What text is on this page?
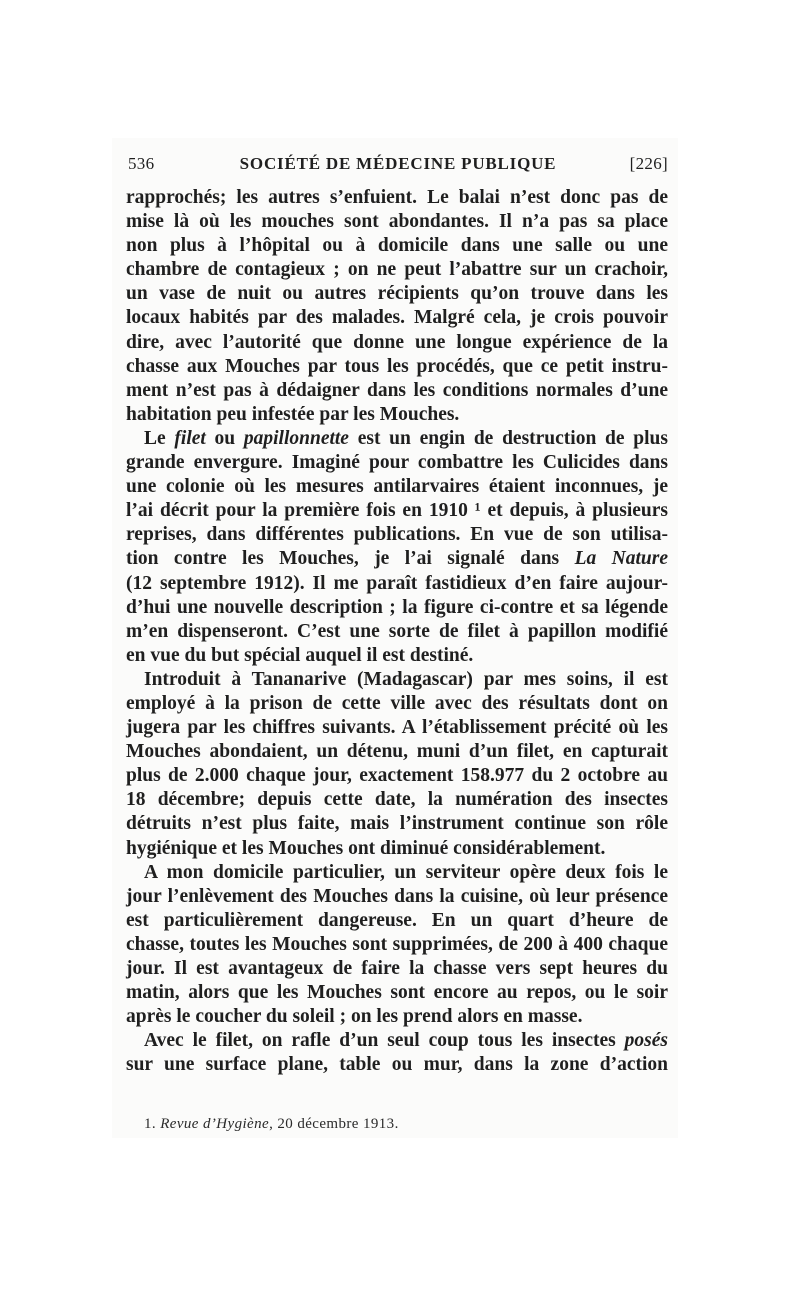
536	SOCIÉTÉ DE MÉDECINE PUBLIQUE	[226]
rapprochés; les autres s’enfuient. Le balai n’est donc pas de
mise là où les mouches sont abondantes. Il n’a pas sa place
non plus à l’hôpital ou à domicile dans une salle ou une
chambre de contagieux ; on ne peut l’abattre sur un crachoir,
un vase de nuit ou autres récipients qu’on trouve dans les
locaux habités par des malades. Malgré cela, je crois pouvoir
dire, avec l’autorité que donne une longue expérience de la
chasse aux Mouches par tous les procédés, que ce petit instru-
ment n’est pas à dédaigner dans les conditions normales d’une
habitation peu infestée par les Mouches.
Le filet ou papillonnette est un engin de destruction de plus
grande envergure. Imaginé pour combattre les Culicides dans
une colonie où les mesures antilarvaires étaient inconnues, je
l’ai décrit pour la première fois en 1910 ¹ et depuis, à plusieurs
reprises, dans différentes publications. En vue de son utilisa-
tion contre les Mouches, je l’ai signalé dans La Nature
(12 septembre 1912). Il me paraît fastidieux d’en faire aujour-
d’hui une nouvelle description ; la figure ci-contre et sa légende
m’en dispenseront. C’est une sorte de filet à papillon modifié
en vue du but spécial auquel il est destiné.
Introduit à Tananarive (Madagascar) par mes soins, il est
employé à la prison de cette ville avec des résultats dont on
jugera par les chiffres suivants. A l’établissement précité où les
Mouches abondaient, un détenu, muni d’un filet, en capturait
plus de 2.000 chaque jour, exactement 158.977 du 2 octobre au
18 décembre; depuis cette date, la numération des insectes
détruits n’est plus faite, mais l’instrument continue son rôle
hygiénique et les Mouches ont diminué considérablement.
A mon domicile particulier, un serviteur opère deux fois le
jour l’enlèvement des Mouches dans la cuisine, où leur présence
est particulièrement dangereuse. En un quart d’heure de
chasse, toutes les Mouches sont supprimées, de 200 à 400 chaque
jour. Il est avantageux de faire la chasse vers sept heures du
matin, alors que les Mouches sont encore au repos, ou le soir
après le coucher du soleil ; on les prend alors en masse.
Avec le filet, on rafle d’un seul coup tous les insectes posés
sur une surface plane, table ou mur, dans la zone d’action
1. Revue d’Hygiène, 20 décembre 1913.
